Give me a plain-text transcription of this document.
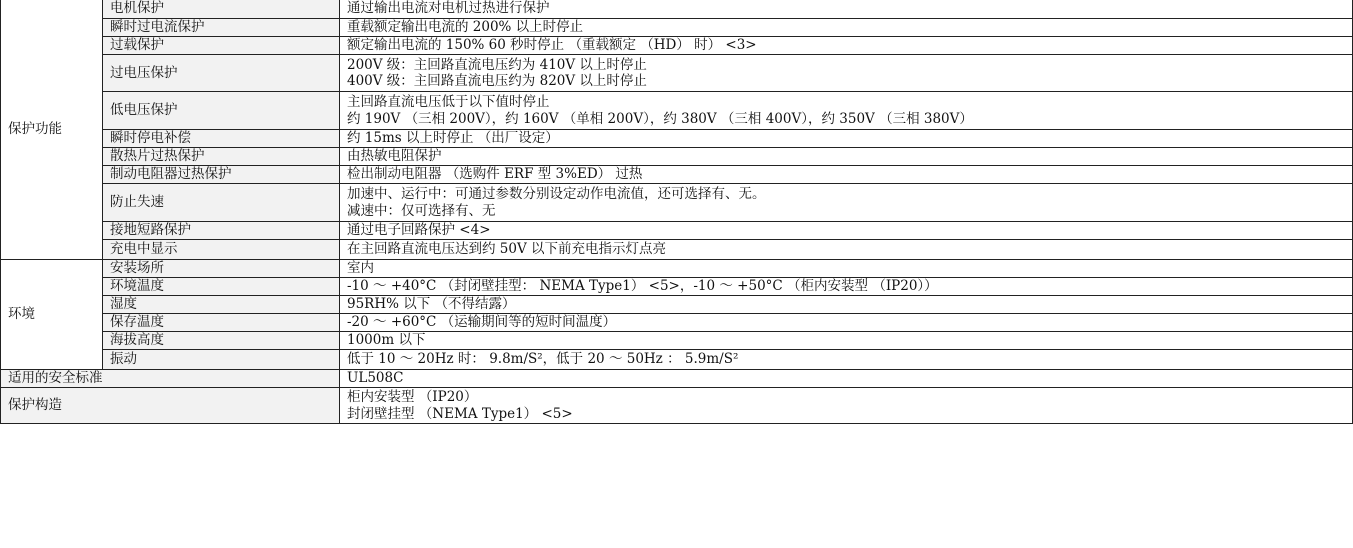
保护功能	电机保护	通过输出电流对电机过热进行保护

	瞬时过电流保护	重载额定输出电流的 200% 以上时停止

	过载保护	额定输出电流的 150% 60 秒时停止 （重载额定 （HD） 时） <3>

	过电压保护	200V 级：主回路直流电压约为 410V 以上时停止
400V 级：主回路直流电压约为 820V 以上时停止

	低电压保护	主回路直流电压低于以下值时停止
约 190V （三相 200V），约 160V （单相 200V），约 380V （三相 400V），约 350V （三相 380V）

	瞬时停电补偿	约 15ms 以上时停止 （出厂设定）

	散热片过热保护	由热敏电阻保护

	制动电阻器过热保护	检出制动电阻器 （选购件 ERF 型 3%ED） 过热

	防止失速	加速中、运行中：可通过参数分别设定动作电流值，还可选择有、无。
减速中：仅可选择有、无

	接地短路保护	通过电子回路保护 <4>

	充电中显示	在主回路直流电压达到约 50V 以下前充电指示灯点亮

环境	安装场所	室内

	环境温度	-10 ～ +40°C （封闭壁挂型： NEMA Type1） <5>，-10 ～ +50°C （柜内安装型 （IP20））

	湿度	95RH% 以下 （不得结露）

	保存温度	-20 ～ +60°C （运输期间等的短时间温度）

	海拔高度	1000m 以下

	振动	低于 10 ～ 20Hz 时： 9.8m/S²，低于 20 ～ 50Hz ： 5.9m/S²

适用的安全标准		UL508C

保护构造		柜内安装型 （IP20）
封闭壁挂型 （NEMA Type1） <5>
